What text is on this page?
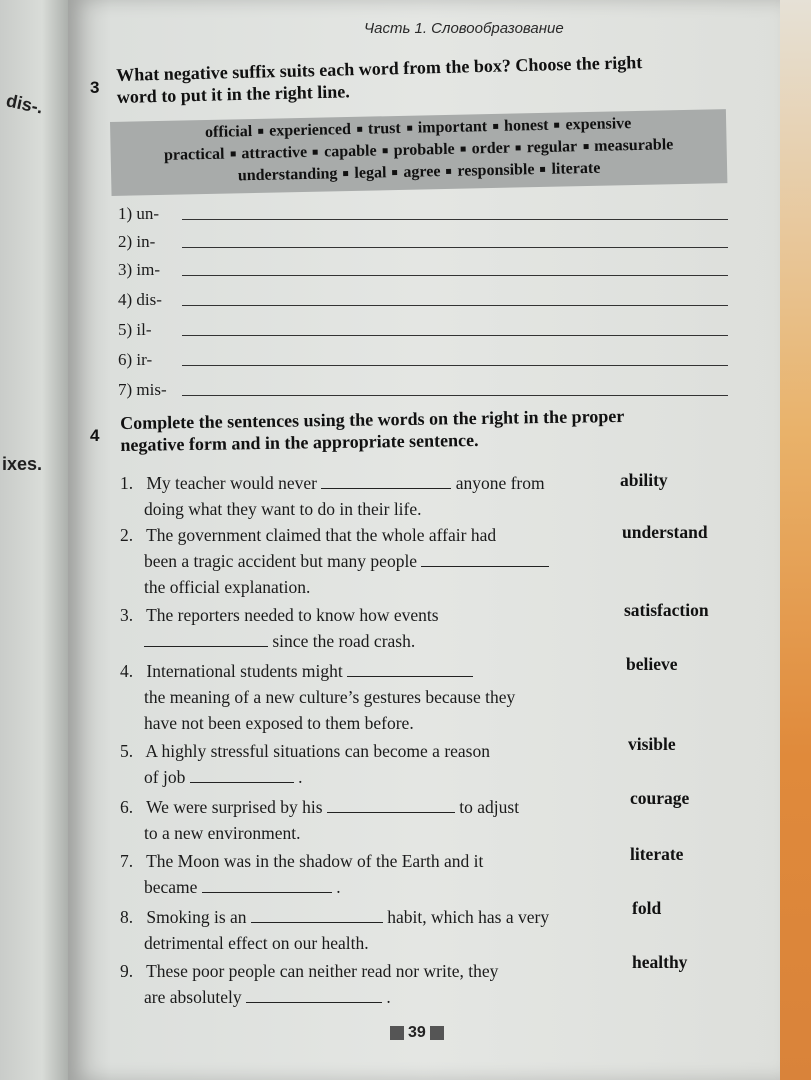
dis-.
ixes.
Часть 1. Словообразование
3
What negative suffix suits each word from the box? Choose the right
word to put it in the right line.
official experienced trust important honest expensive
practical attractive capable probable order regular measurable
understanding legal agree responsible literate
1) un-
2) in-
3) im-
4) dis-
5) il-
6) ir-
7) mis-
4
Complete the sentences using the words on the right in the proper
negative form and in the appropriate sentence.
1. My teacher would never	anyone from
doing what they want to do in their life.
2. The government claimed that the whole affair had
been a tragic accident but many people
the official explanation.
3. The reporters needed to know how events
since the road crash.
4. International students might
the meaning of a new culture’s gestures because they
have not been exposed to them before.
5. A highly stressful situations can become a reason
of job	.
6. We were surprised by his	to adjust
to a new environment.
7. The Moon was in the shadow of the Earth and it
became	.
8. Smoking is an	habit, which has a very
detrimental effect on our health.
9. These poor people can neither read nor write, they
are absolutely	.
ability
understand
satisfaction
believe
visible
courage
literate
fold
healthy
39
